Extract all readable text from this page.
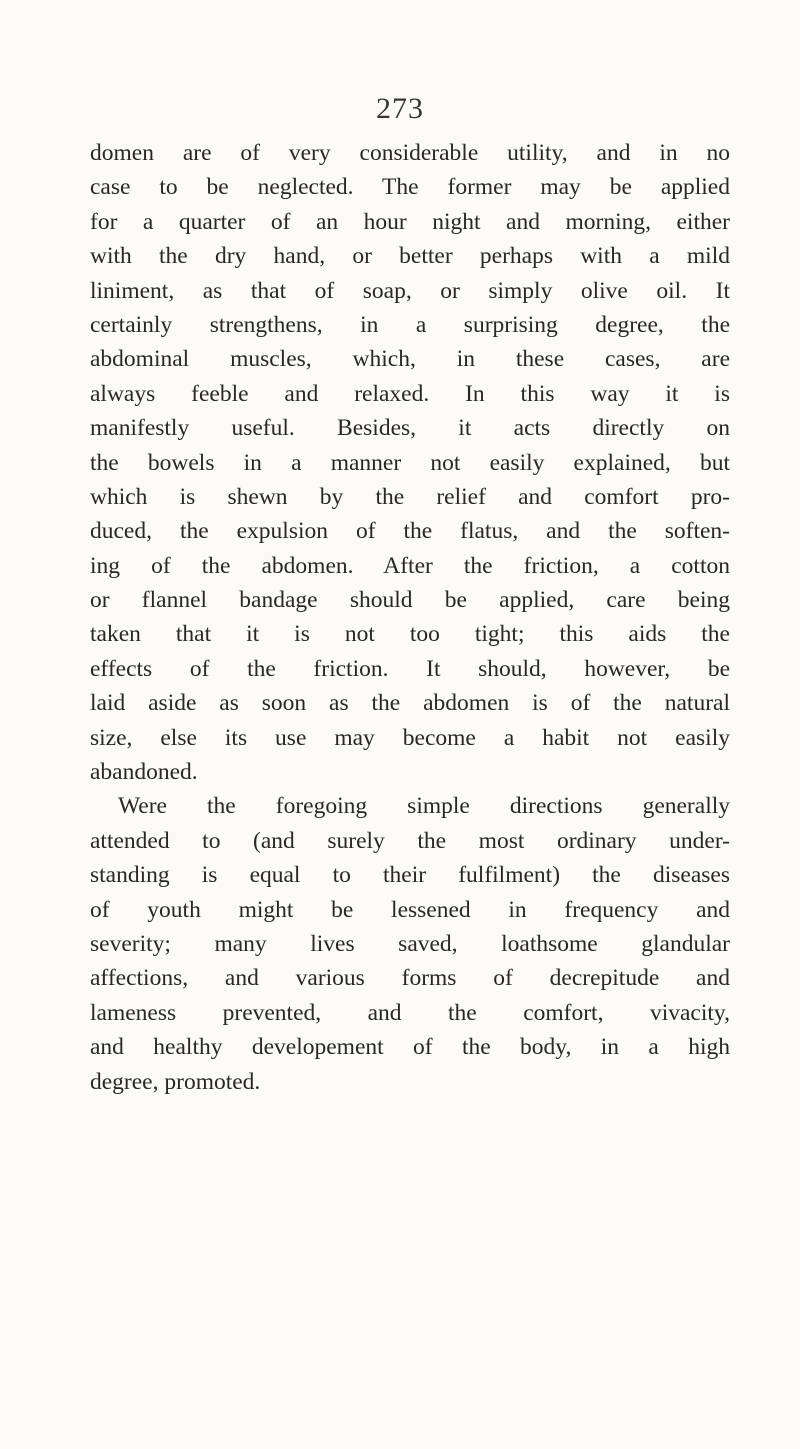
273
domen are of very considerable utility, and in no
case to be neglected. The former may be applied
for a quarter of an hour night and morning, either
with the dry hand, or better perhaps with a mild
liniment, as that of soap, or simply olive oil. It
certainly strengthens, in a surprising degree, the
abdominal muscles, which, in these cases, are
always feeble and relaxed. In this way it is
manifestly useful. Besides, it acts directly on
the bowels in a manner not easily explained, but
which is shewn by the relief and comfort pro-
duced, the expulsion of the flatus, and the soften-
ing of the abdomen. After the friction, a cotton
or flannel bandage should be applied, care being
taken that it is not too tight; this aids the
effects of the friction. It should, however, be
laid aside as soon as the abdomen is of the natural
size, else its use may become a habit not easily
abandoned.
Were the foregoing simple directions generally
attended to (and surely the most ordinary under-
standing is equal to their fulfilment) the diseases
of youth might be lessened in frequency and
severity; many lives saved, loathsome glandular
affections, and various forms of decrepitude and
lameness prevented, and the comfort, vivacity,
and healthy developement of the body, in a high
degree, promoted.
